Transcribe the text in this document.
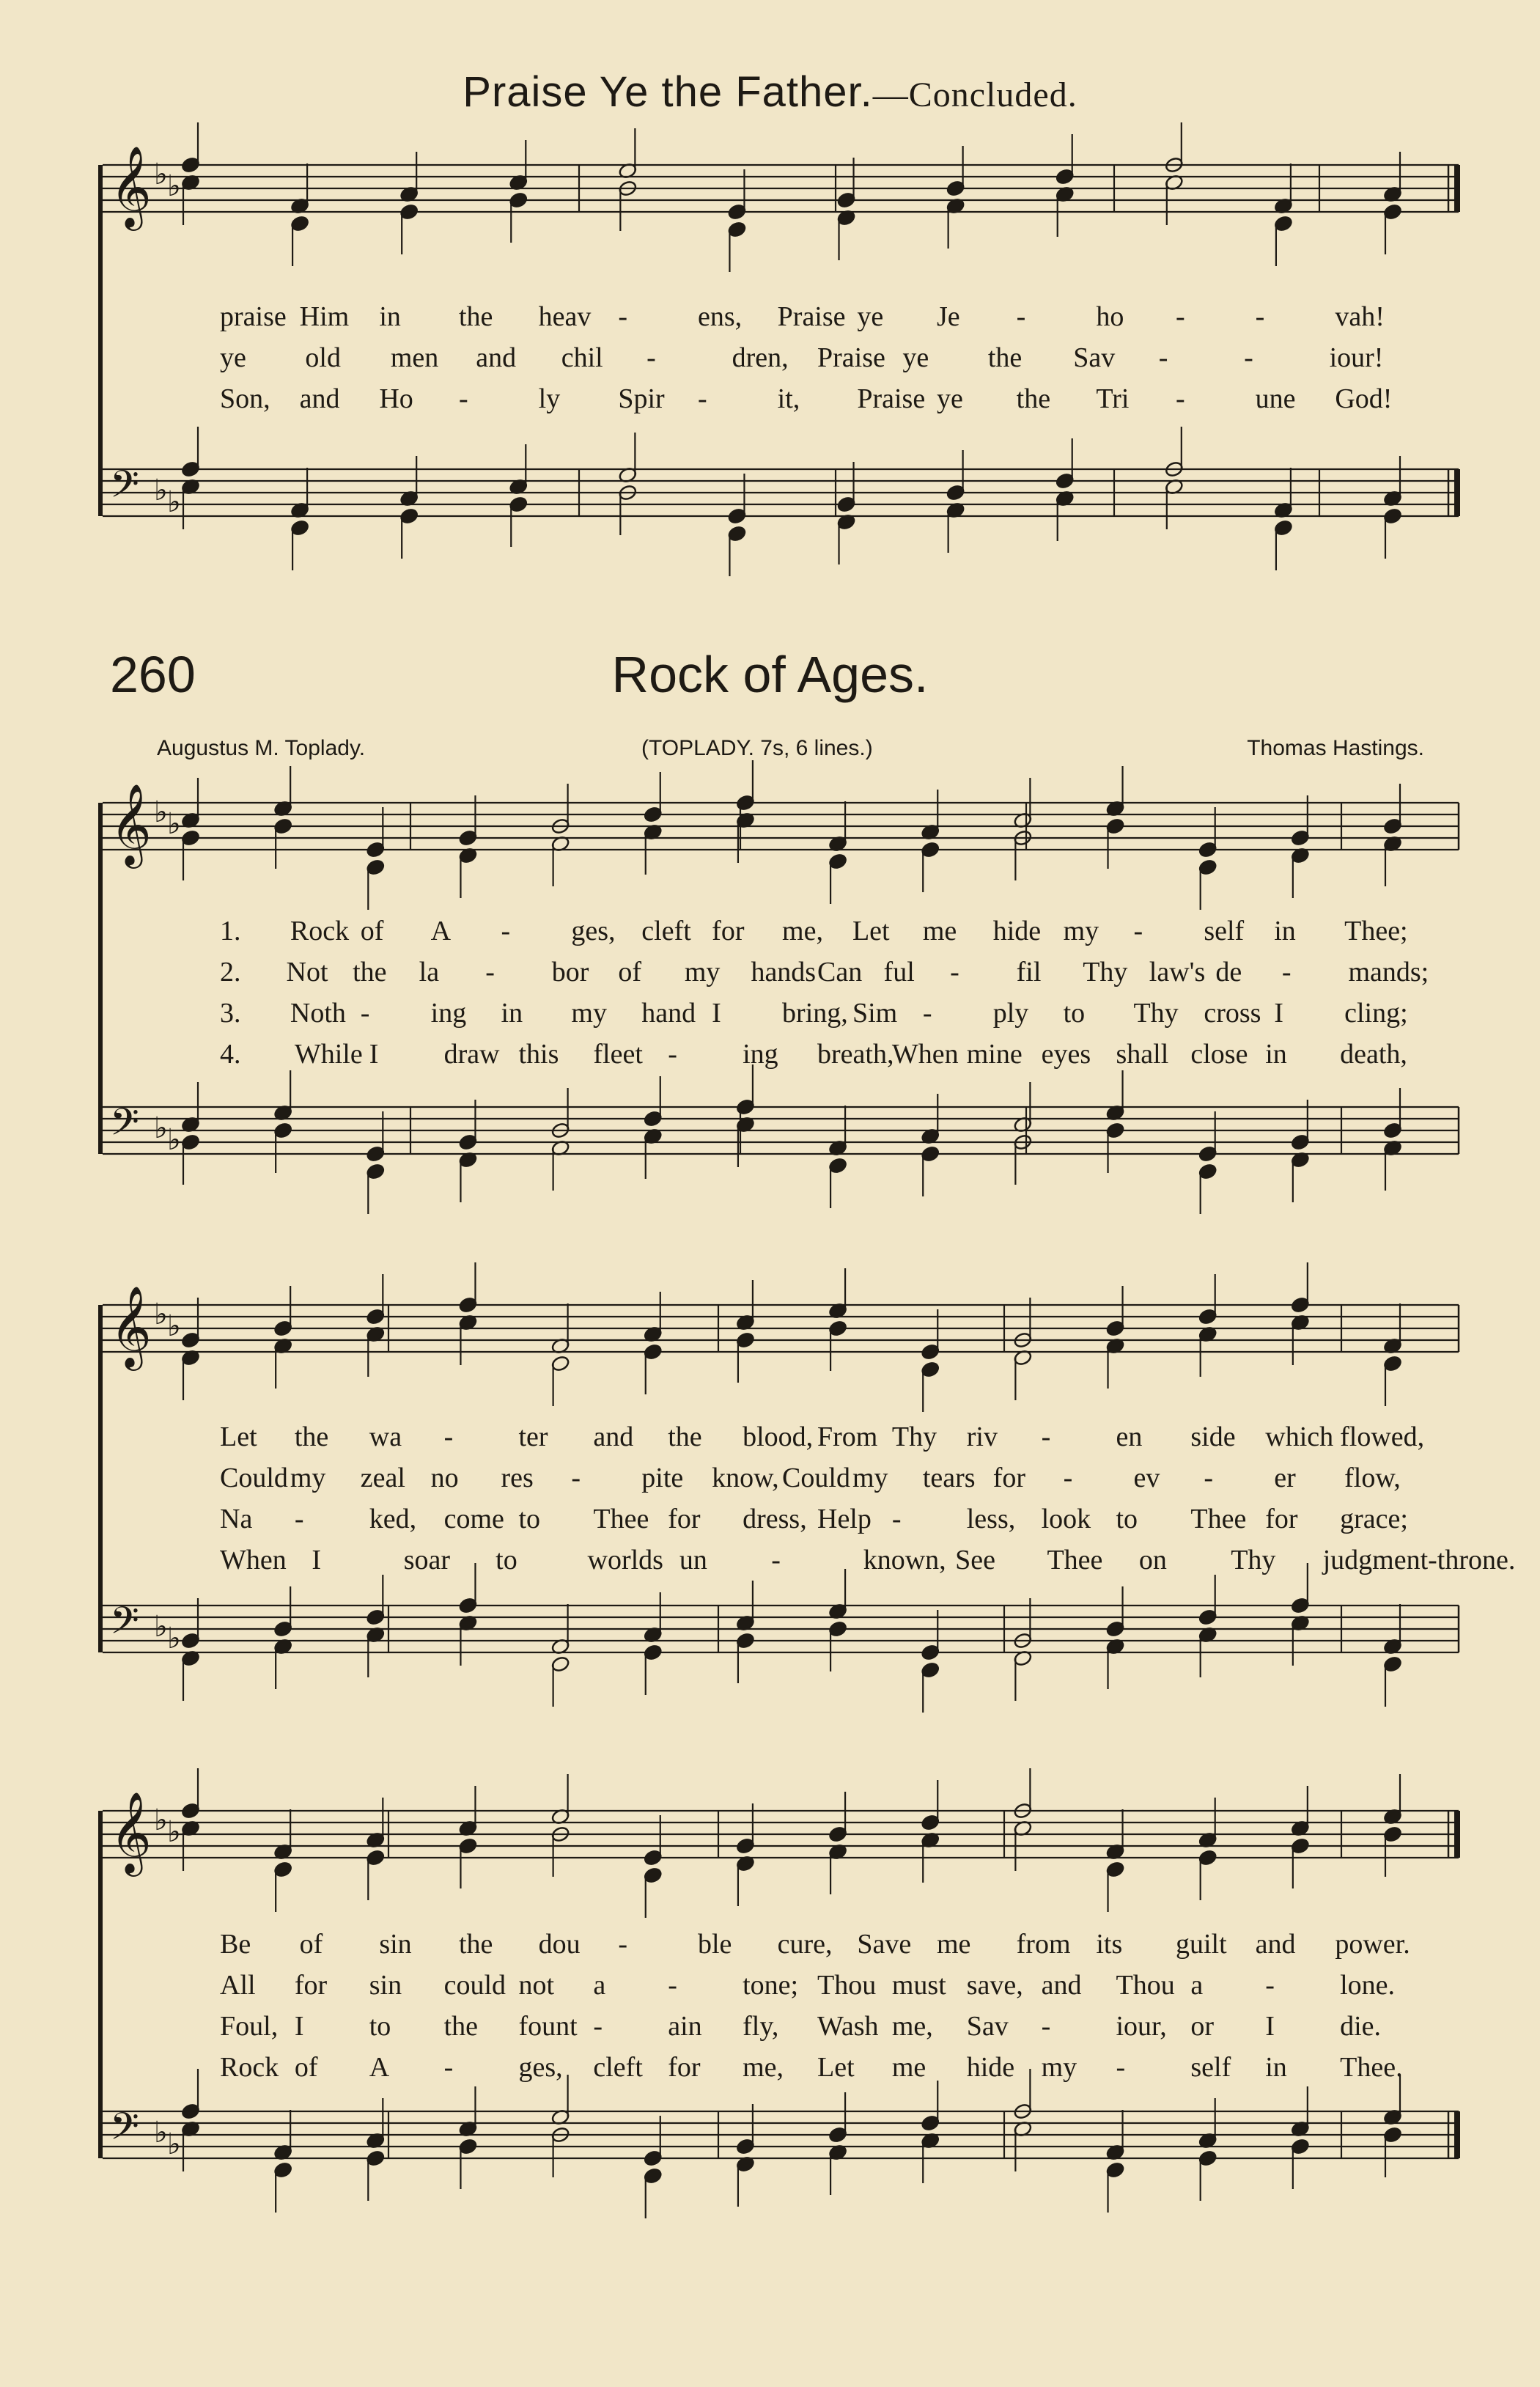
Praise Ye the Father.—Concluded.
260	Rock of Ages.
Augustus M. Toplady.	(TOPLADY. 7s, 6 lines.)	Thomas Hastings.
𝄞 ♭ ♭
𝄢 ♭ ♭
praise Him in the heav -	ens, Praise ye Je -	ho -	-	vah!
ye old men and chil -	dren, Praise ye the Sav -	-	iour!
Son, and Ho -	ly Spir -	it, Praise ye the Tri -	une God!
𝄞 ♭ ♭
𝄢 ♭ ♭
1. Rock of A - ges, cleft for me, Let me hide my - self in Thee;
2. Not the la - bor of my hands Can ful - fil Thy law's de - mands;
3. Noth - ing in my hand I bring, Sim - ply to Thy cross I cling;
4. While I draw this fleet - ing breath,
When mine eyes shall close in death,
𝄞 ♭ ♭
𝄢 ♭ ♭
Let the wa - ter and the blood, From Thy riv - en side which flowed,
Could my zeal no res - pite know, Could my tears for - ev - er flow,
Na - ked, come to Thee for dress, Help - less, look to Thee for grace;
When I	soar to	worlds un -	known, See Thee on Thy judgment-throne.
𝄞 ♭ ♭
𝄢 ♭ ♭
Be of sin the dou -	ble cure, Save me from its guilt and power.
All for sin could not a - tone; Thou must save, and Thou a - lone.
Foul, I to the fount - ain fly, Wash me, Sav - iour, or I die.
Rock of A - ges, cleft for me, Let me hide my - self in Thee.
